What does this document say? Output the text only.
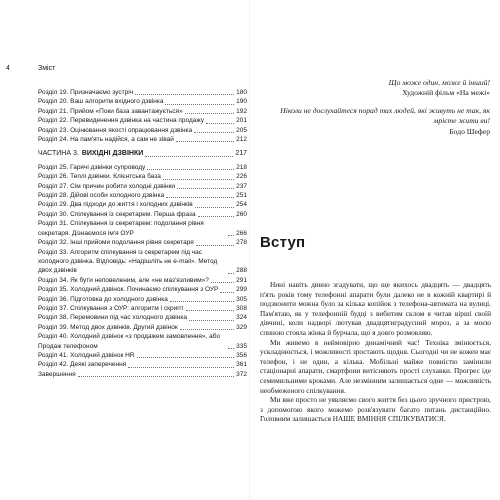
4	Зміст
Розділ 19. Призначаємо зустріч	180
Розділ 20. Ваш алгоритм вхідного дзвінка	190
Розділ 21. Прийом «Поки база завантажується»	192
Розділ 22. Перевиденення дзвінка на частина продажу	201
Розділ 23. Оцінювання якості опрацювання дзвінка	205
Розділ 24. На пам'ять надійся, а сам не зівай	212
ЧАСТИНА 3. ВИХІДНІ ДЗВІНКИ	217
Розділ 25. Гарячі дзвінки супроводу	218
Розділ 26. Теплі дзвінки. Клієнтська база	226
Розділ 27. Сім причин робити холодні дзвінки	237
Розділ 28. Дійові особи холодного дзвінка	251
Розділ 29. Два підходи до життя і холодних дзвінків	254
Розділ 30. Спілкування із секретарем. Перша фраза	260
Розділ 31. Спілкування із секретарем: подолання рівня секретаря. Дізнаємося ім'я ОУР	266
Розділ 32. Інші прийоми подолання рівня секретаря	278
Розділ 33. Алгоритм спілкування із секретарем під час холодного дзвінка. Відповідь: «Надішліть не e-mail». Метод двох дзвінків	288
Розділ 34. Як бути неповеленим, але «не маз'язливим»?	291
Розділ 35. Холодний дзвінок. Починаємо спілкування з ОУР	299
Розділ 36. Підготовка до холодного дзвінка	305
Розділ 37. Спілкування з ОУР: алгоритм і скрипт	308
Розділ 38. Перемовини під час холодного дзвінка	324
Розділ 39. Метод двох дзвінків. Другий дзвінок	329
Розділ 40. Холодний дзвінок «з продажем замовлення», або Продаж телефоном	335
Розділ 41. Холодний дзвінок HR	356
Розділ 42. Деякі заперечення	361
Завершення	372
Що може один, може й інший!
Художній фільм «На межі»
Ніколи не дослухайтеся порад тих людей, які живуть не так, як мрієте жити ви!
Бодо Шефер
Вступ

Нині навіть дивно згадувати, що ще якихось двадцять — двадцять п'ять років тому телефонні апарати були далеко не в кожній квартирі й подзвонити можна було за кілька копійок з телефона-автомата на вулиці. Пам'ятаю, як у телефонній будці з вибитим склом я читав вірші своїй дівчині, коли надворі лютував двадцятиградусний мороз, а за моєю спиною стояла жінка й бурчала, що я довго розмовляю.

Ми живемо в неймовірно динамічний час! Техніка змінюється, ускладнюється, і можливості зростають щодня. Сьогодні чи не кожен має телефон, і не один, а кілька. Мобільні майже повністю замінили стаціонарні апарати, смартфони витісняють прості слухавки. Прогрес іде семимильними кроками. Але незмінним залишається одне — можливість необмеженого спілкування.

Ми вже просто не уявляємо свого життя без цього зручного пристрою, з допомогою якого можемо розв'язувати багато питань дистанційно. Головним залишається НАШЕ ВМІННЯ СПІЛКУВАТИСЯ.
